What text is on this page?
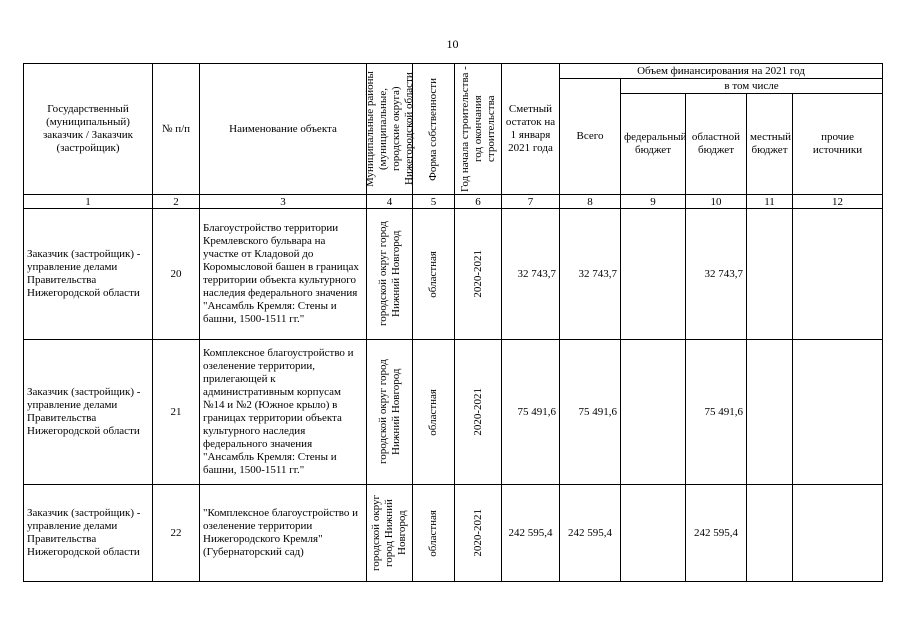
10
Государственный (муниципальный) заказчик / Заказчик (застройщик)	№ п/п	Наименование объекта	Муниципальные районы (муниципальные, городские округа) Нижегородской области	Форма собственности	Год начала строительства - год окончания строительства	Сметный остаток на 1 января 2021 года	Объем финансирования на 2021 год				
							Всего	в том числе			
								федеральный бюджет	областной бюджет	местный бюджет	прочие источники
1	2	3	4	5	6	7	8	9	10	11	12
Заказчик (застройщик) - управление делами Правительства Нижегородской области	20	Благоустройство территории Кремлевского бульвара на участке от Кладовой до Коромысловой башен в границах территории объекта культурного наследия федерального значения "Ансамбль Кремля: Стены и башни, 1500-1511 гг."	городской округ город Нижний Новгород	областная	2020-2021	32 743,7	32 743,7		32 743,7		
Заказчик (застройщик) - управление делами Правительства Нижегородской области	21	Комплексное благоустройство и озеленение территории, прилегающей к административным корпусам №14 и №2 (Южное крыло) в границах территории объекта культурного наследия федерального значения "Ансамбль Кремля: Стены и башни, 1500-1511 гг."	городской округ город Нижний Новгород	областная	2020-2021	75 491,6	75 491,6		75 491,6		
Заказчик (застройщик) - управление делами Правительства Нижегородской области	22	"Комплексное благоустройство и озеленение территории Нижегородского Кремля" (Губернаторский сад)	городской округ город Нижний Новгород	областная	2020-2021	242 595,4	242 595,4		242 595,4		
